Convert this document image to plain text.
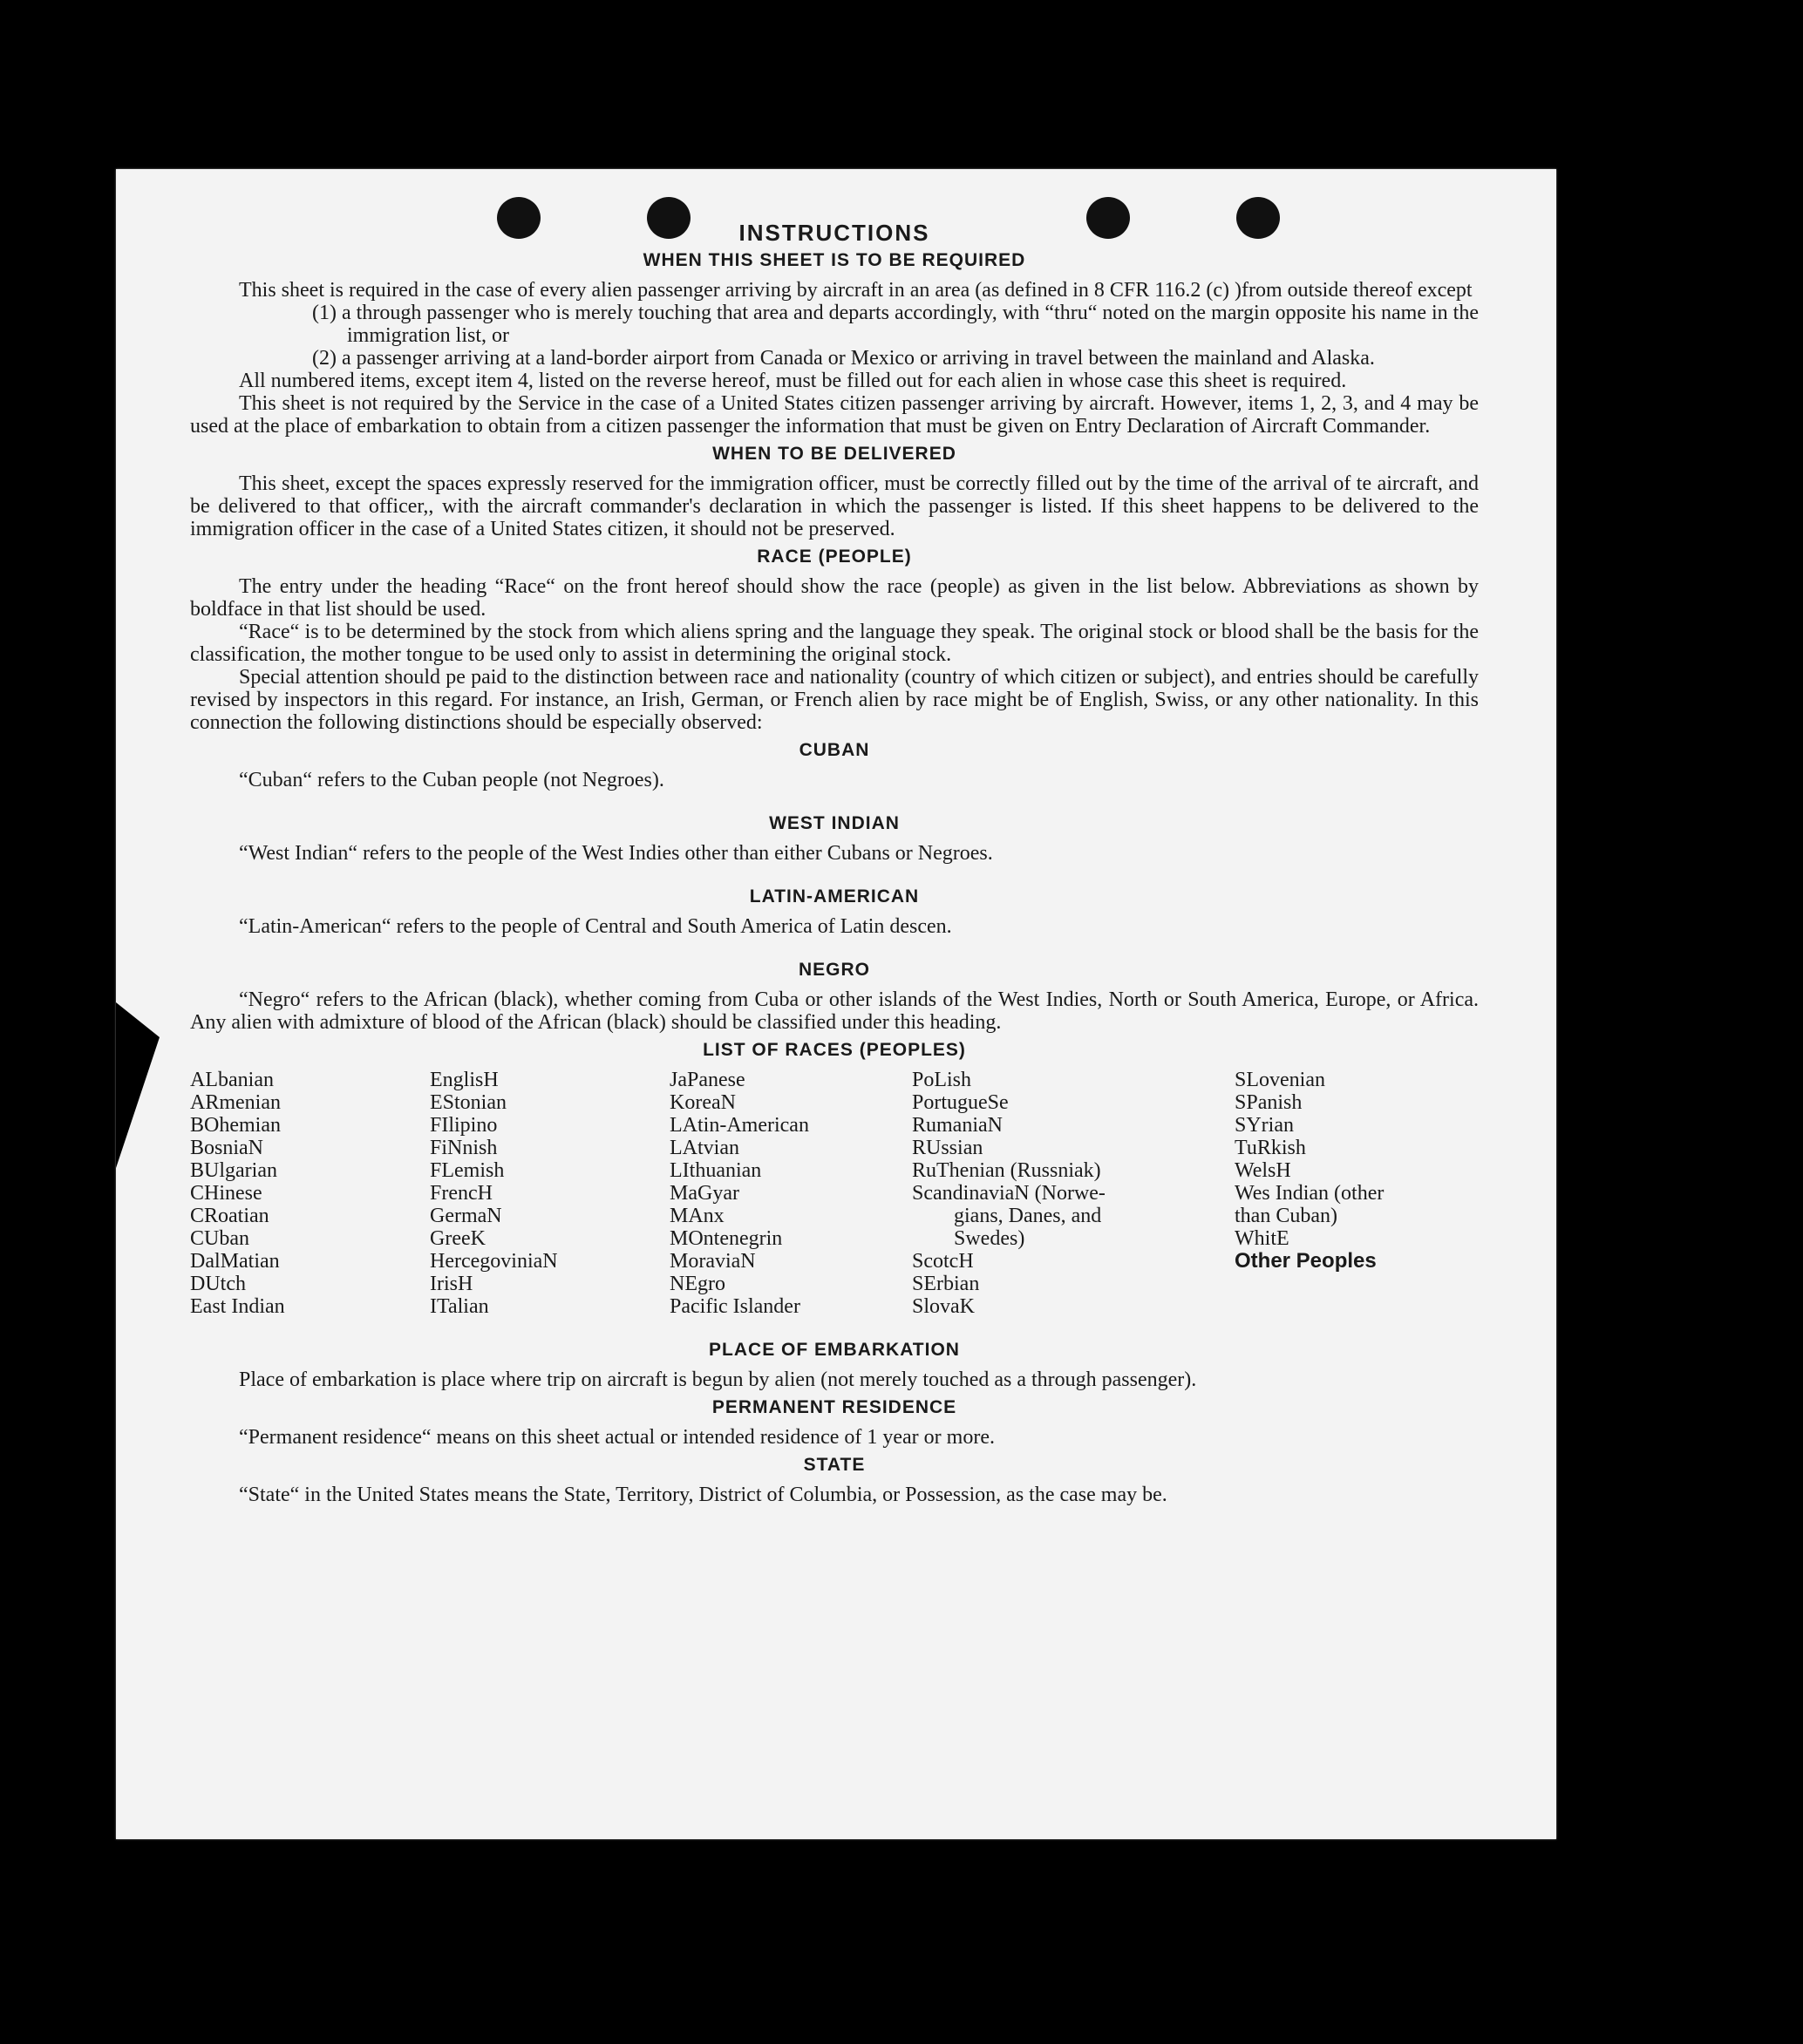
INSTRUCTIONS
WHEN THIS SHEET IS TO BE REQUIRED

This sheet is required in the case of every alien passenger arriving by aircraft in an area (as defined in 8 CFR 116.2 (c) )from outside thereof except

(1) a through passenger who is merely touching that area and departs accordingly, with “thru“ noted on the margin opposite his name in the immigration list, or

(2) a passenger arriving at a land-border airport from Canada or Mexico or arriving in travel between the mainland and Alaska.

All numbered items, except item 4, listed on the reverse hereof, must be filled out for each alien in whose case this sheet is required.

This sheet is not required by the Service in the case of a United States citizen passenger arriving by aircraft. However, items 1, 2, 3, and 4 may be used at the place of embarkation to obtain from a citizen passenger the information that must be given on Entry Declaration of Aircraft Commander.

WHEN TO BE DELIVERED

This sheet, except the spaces expressly reserved for the immigration officer, must be correctly filled out by the time of the arrival of te aircraft, and be delivered to that officer,, with the aircraft commander's declaration in which the passenger is listed. If this sheet happens to be delivered to the immigration officer in the case of a United States citizen, it should not be preserved.

RACE (PEOPLE)

The entry under the heading “Race“ on the front hereof should show the race (people) as given in the list below. Abbreviations as shown by boldface in that list should be used.

“Race“ is to be determined by the stock from which aliens spring and the language they speak. The original stock or blood shall be the basis for the classification, the mother tongue to be used only to assist in determining the original stock.

Special attention should pe paid to the distinction between race and nationality (country of which citizen or subject), and entries should be carefully revised by inspectors in this regard. For instance, an Irish, German, or French alien by race might be of English, Swiss, or any other nationality. In this connection the following distinctions should be especially observed:

CUBAN

“Cuban“ refers to the Cuban people (not Negroes).

WEST INDIAN

“West Indian“ refers to the people of the West Indies other than either Cubans or Negroes.

LATIN-AMERICAN

“Latin-American“ refers to the people of Central and South America of Latin descen.

NEGRO

“Negro“ refers to the African (black), whether coming from Cuba or other islands of the West Indies, North or South America, Europe, or Africa. Any alien with admixture of blood of the African (black) should be classified under this heading.

LIST OF RACES (PEOPLES)
ALbanian
ARmenian
BOhemian
BosniaN
BUlgarian
CHinese
CRoatian
CUban
DalMatian
DUtch
East Indian
EnglisH
EStonian
FIlipino
FiNnish
FLemish
FrencH
GermaN
GreeK
HercegoviniaN
IrisH
ITalian
JaPanese
KoreaN
LAtin-American
LAtvian
LIthuanian
MaGyar
MAnx
MOntenegrin
MoraviaN
NEgro
Pacific Islander
PoLish
PortugueSe
RumaniaN
RUssian
RuThenian (Russniak)
ScandinaviaN (Norwe-
gians, Danes, and
Swedes)
ScotcH
SErbian
SlovaK
SLovenian
SPanish
SYrian
TuRkish
WelsH
Wes Indian (other
than Cuban)
WhitE
Other Peoples
PLACE OF EMBARKATION

Place of embarkation is place where trip on aircraft is begun by alien (not merely touched as a through passenger).

PERMANENT RESIDENCE

“Permanent residence“ means on this sheet actual or intended residence of 1 year or more.

STATE

“State“ in the United States means the State, Territory, District of Columbia, or Possession, as the case may be.
